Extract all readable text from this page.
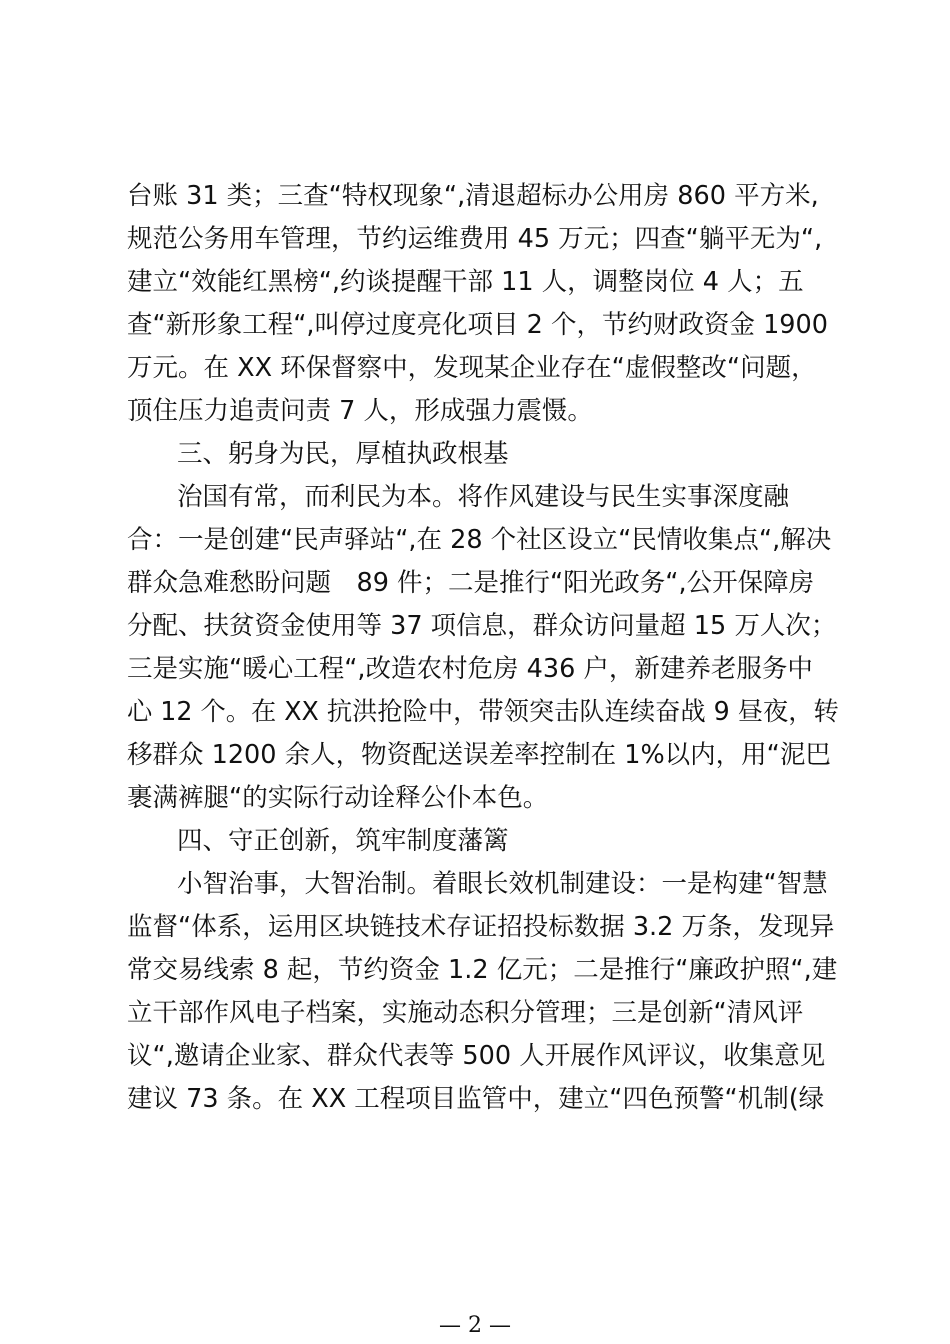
台账 31 类；三查“特权现象“,清退超标办公用房 860 平方米,
规范公务用车管理，节约运维费用 45 万元；四查“躺平无为“,
建立“效能红黑榜“,约谈提醒干部 11 人，调整岗位 4 人；五
查“新形象工程“,叫停过度亮化项目 2 个，节约财政资金 1900
万元。在 XX 环保督察中，发现某企业存在“虚假整改“问题，
顶住压力追责问责 7 人，形成强力震慑。
三、躬身为民，厚植执政根基
治国有常，而利民为本。将作风建设与民生实事深度融
合：一是创建“民声驿站“,在 28 个社区设立“民情收集点“,解决
群众急难愁盼问题　89 件；二是推行“阳光政务“,公开保障房
分配、扶贫资金使用等 37 项信息，群众访问量超 15 万人次；
三是实施“暖心工程“,改造农村危房 436 户，新建养老服务中
心 12 个。在 XX 抗洪抢险中，带领突击队连续奋战 9 昼夜，转
移群众 1200 余人，物资配送误差率控制在 1%以内，用“泥巴
裹满裤腿“的实际行动诠释公仆本色。
四、守正创新，筑牢制度藩篱
小智治事，大智治制。着眼长效机制建设：一是构建“智慧
监督“体系，运用区块链技术存证招投标数据 3.2 万条，发现异
常交易线索 8 起，节约资金 1.2 亿元；二是推行“廉政护照“,建
立干部作风电子档案，实施动态积分管理；三是创新“清风评
议“,邀请企业家、群众代表等 500 人开展作风评议，收集意见
建议 73 条。在 XX 工程项目监管中，建立“四色预警“机制(绿
— 2 —
